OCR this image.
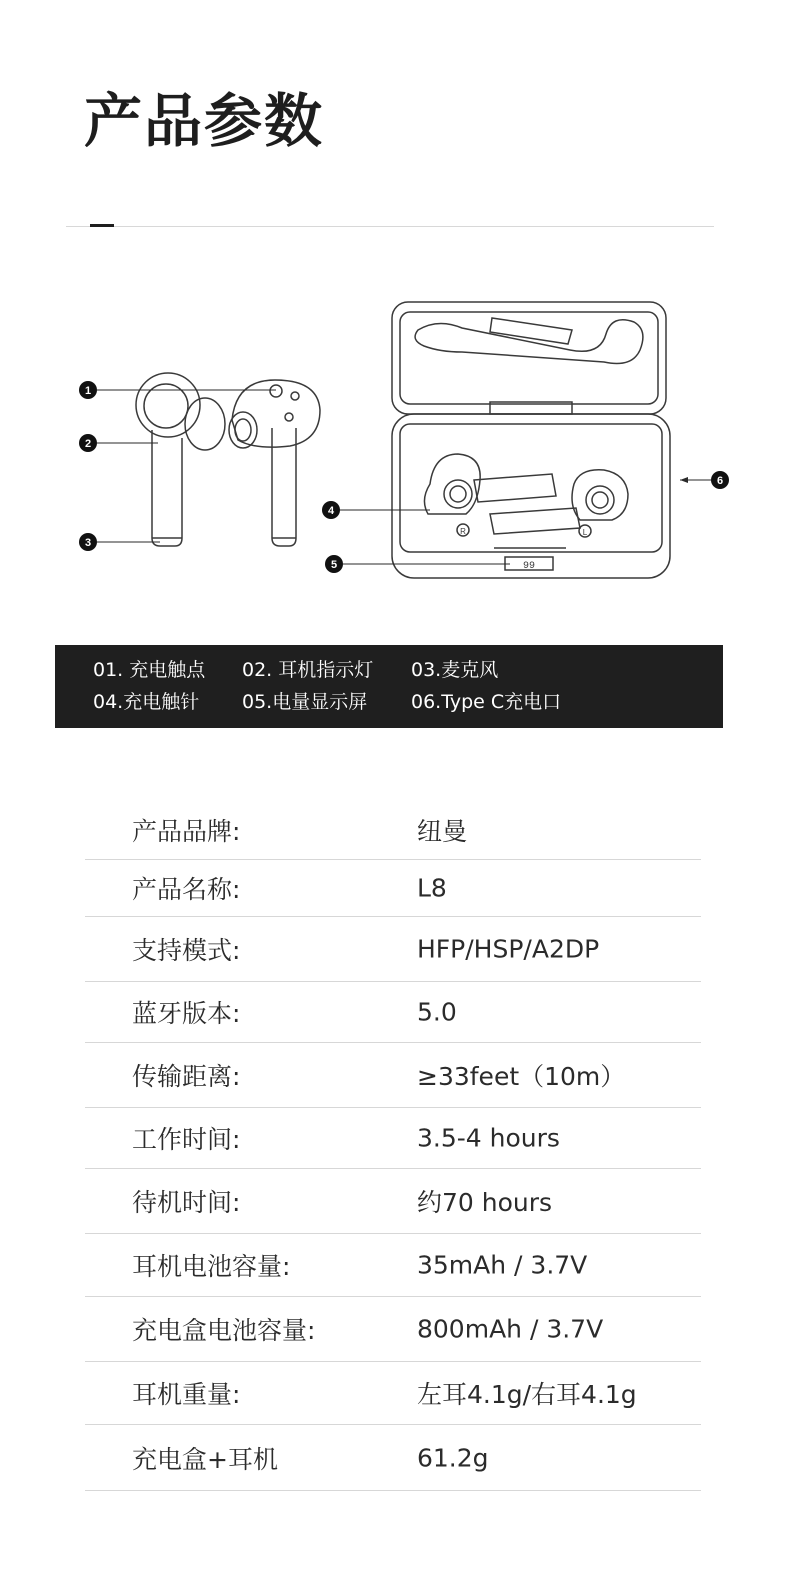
产品参数
R	L
99
1
2
3
4
5
6
01. 充电触点 02. 耳机指示灯 03.麦克风
04.充电触针 05.电量显示屏 06.Type C充电口
产品品牌:	纽曼
产品名称:	L8
支持模式:	HFP/HSP/A2DP
蓝牙版本:	5.0
传输距离:	≥33feet（10m）
工作时间:	3.5-4 hours
待机时间:	约70 hours
耳机电池容量:	35mAh / 3.7V
充电盒电池容量:	800mAh / 3.7V
耳机重量:	左耳4.1g/右耳4.1g
充电盒+耳机	61.2g
